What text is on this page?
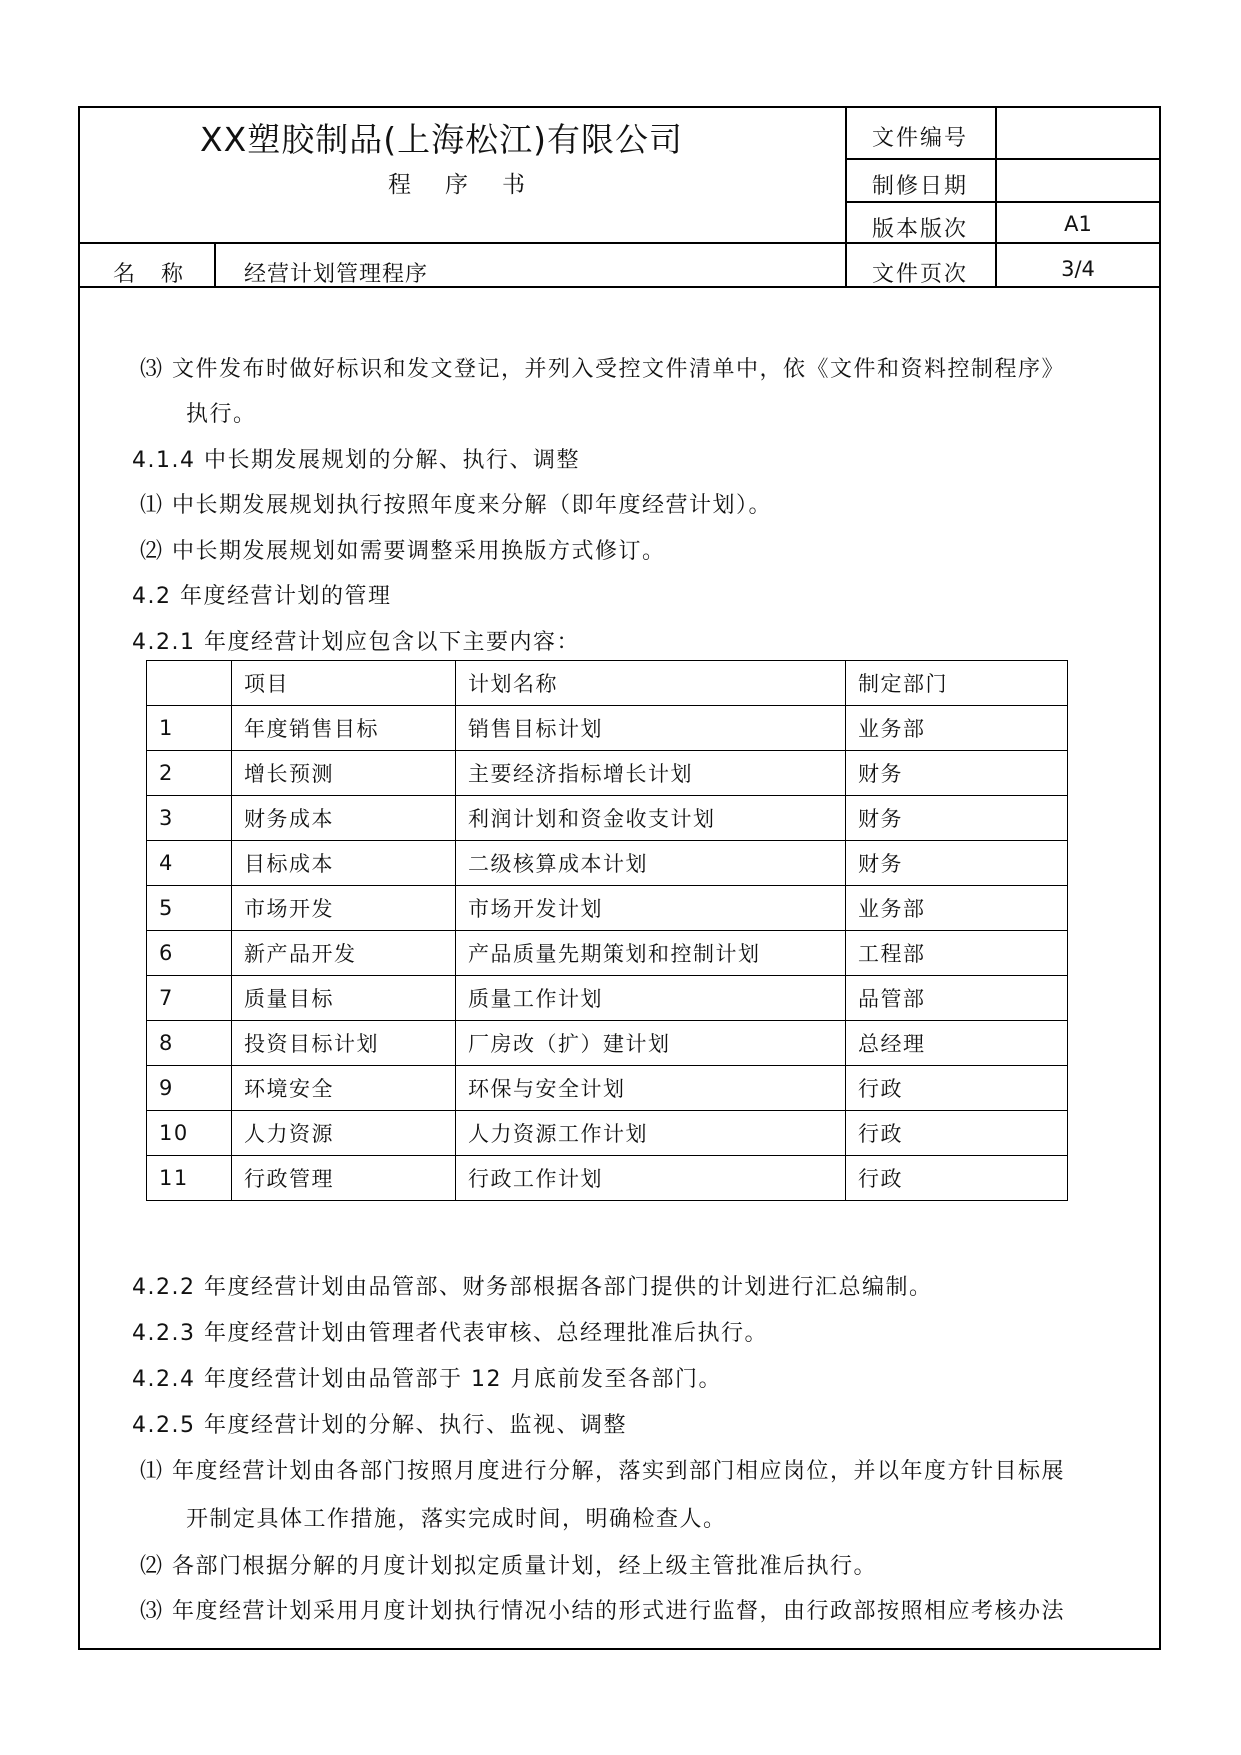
XX塑胶制品(上海松江)有限公司
程序书
文件编号
制修日期
版本版次	A1
文件页次	3/4
名称 经营计划管理程序
⑶ 文件发布时做好标识和发文登记，并列入受控文件清单中，依《文件和资料控制程序》
执行。
4.1.4 中长期发展规划的分解、执行、调整
⑴ 中长期发展规划执行按照年度来分解（即年度经营计划）。
⑵ 中长期发展规划如需要调整采用换版方式修订。
4.2 年度经营计划的管理
4.2.1 年度经营计划应包含以下主要内容：
	项目	计划名称	制定部门
1	年度销售目标	销售目标计划	业务部
2	增长预测	主要经济指标增长计划	财务
3	财务成本	利润计划和资金收支计划	财务
4	目标成本	二级核算成本计划	财务
5	市场开发	市场开发计划	业务部
6	新产品开发	产品质量先期策划和控制计划	工程部
7	质量目标	质量工作计划	品管部
8	投资目标计划	厂房改（扩）建计划	总经理
9	环境安全	环保与安全计划	行政
10	人力资源	人力资源工作计划	行政
11	行政管理	行政工作计划	行政
4.2.2 年度经营计划由品管部、财务部根据各部门提供的计划进行汇总编制。
4.2.3 年度经营计划由管理者代表审核、总经理批准后执行。
4.2.4 年度经营计划由品管部于 12 月底前发至各部门。
4.2.5 年度经营计划的分解、执行、监视、调整
⑴ 年度经营计划由各部门按照月度进行分解，落实到部门相应岗位，并以年度方针目标展
开制定具体工作措施，落实完成时间，明确检查人。
⑵ 各部门根据分解的月度计划拟定质量计划，经上级主管批准后执行。
⑶ 年度经营计划采用月度计划执行情况小结的形式进行监督，由行政部按照相应考核办法
